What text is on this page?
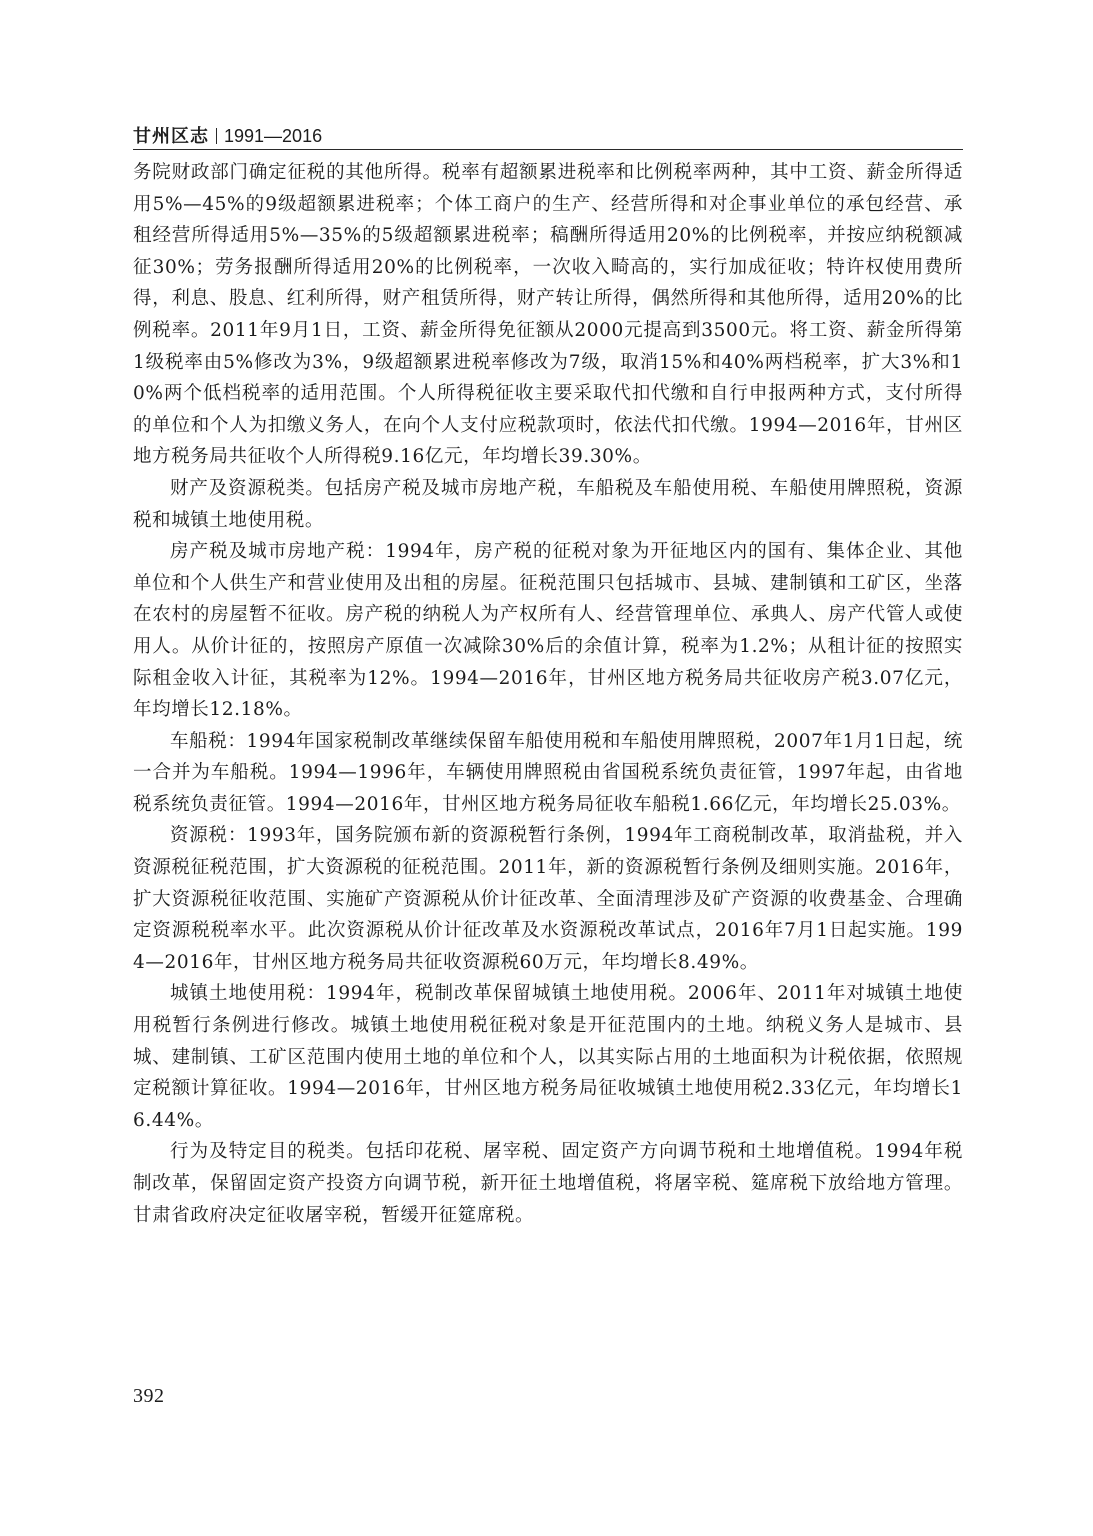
甘州区志 1991—2016

务院财政部门确定征税的其他所得。税率有超额累进税率和比例税率两种，其中工资、薪金所得适用5%—45%的9级超额累进税率；个体工商户的生产、经营所得和对企事业单位的承包经营、承租经营所得适用5%—35%的5级超额累进税率；稿酬所得适用20%的比例税率，并按应纳税额减征30%；劳务报酬所得适用20%的比例税率，一次收入畸高的，实行加成征收；特许权使用费所得，利息、股息、红利所得，财产租赁所得，财产转让所得，偶然所得和其他所得，适用20%的比例税率。2011年9月1日，工资、薪金所得免征额从2000元提高到3500元。将工资、薪金所得第1级税率由5%修改为3%，9级超额累进税率修改为7级，取消15%和40%两档税率，扩大3%和10%两个低档税率的适用范围。个人所得税征收主要采取代扣代缴和自行申报两种方式，支付所得的单位和个人为扣缴义务人，在向个人支付应税款项时，依法代扣代缴。1994—2016年，甘州区地方税务局共征收个人所得税9.16亿元，年均增长39.30%。

财产及资源税类。包括房产税及城市房地产税，车船税及车船使用税、车船使用牌照税，资源税和城镇土地使用税。

房产税及城市房地产税：1994年，房产税的征税对象为开征地区内的国有、集体企业、其他单位和个人供生产和营业使用及出租的房屋。征税范围只包括城市、县城、建制镇和工矿区，坐落在农村的房屋暂不征收。房产税的纳税人为产权所有人、经营管理单位、承典人、房产代管人或使用人。从价计征的，按照房产原值一次减除30%后的余值计算，税率为1.2%；从租计征的按照实际租金收入计征，其税率为12%。1994—2016年，甘州区地方税务局共征收房产税3.07亿元，年均增长12.18%。

车船税：1994年国家税制改革继续保留车船使用税和车船使用牌照税，2007年1月1日起，统一合并为车船税。1994—1996年，车辆使用牌照税由省国税系统负责征管，1997年起，由省地税系统负责征管。1994—2016年，甘州区地方税务局征收车船税1.66亿元，年均增长25.03%。

资源税：1993年，国务院颁布新的资源税暂行条例，1994年工商税制改革，取消盐税，并入资源税征税范围，扩大资源税的征税范围。2011年，新的资源税暂行条例及细则实施。2016年，扩大资源税征收范围、实施矿产资源税从价计征改革、全面清理涉及矿产资源的收费基金、合理确定资源税税率水平。此次资源税从价计征改革及水资源税改革试点，2016年7月1日起实施。1994—2016年，甘州区地方税务局共征收资源税60万元，年均增长8.49%。

城镇土地使用税：1994年，税制改革保留城镇土地使用税。2006年、2011年对城镇土地使用税暂行条例进行修改。城镇土地使用税征税对象是开征范围内的土地。纳税义务人是城市、县城、建制镇、工矿区范围内使用土地的单位和个人，以其实际占用的土地面积为计税依据，依照规定税额计算征收。1994—2016年，甘州区地方税务局征收城镇土地使用税2.33亿元，年均增长16.44%。

行为及特定目的税类。包括印花税、屠宰税、固定资产方向调节税和土地增值税。1994年税制改革，保留固定资产投资方向调节税，新开征土地增值税，将屠宰税、筵席税下放给地方管理。甘肃省政府决定征收屠宰税，暂缓开征筵席税。

392
